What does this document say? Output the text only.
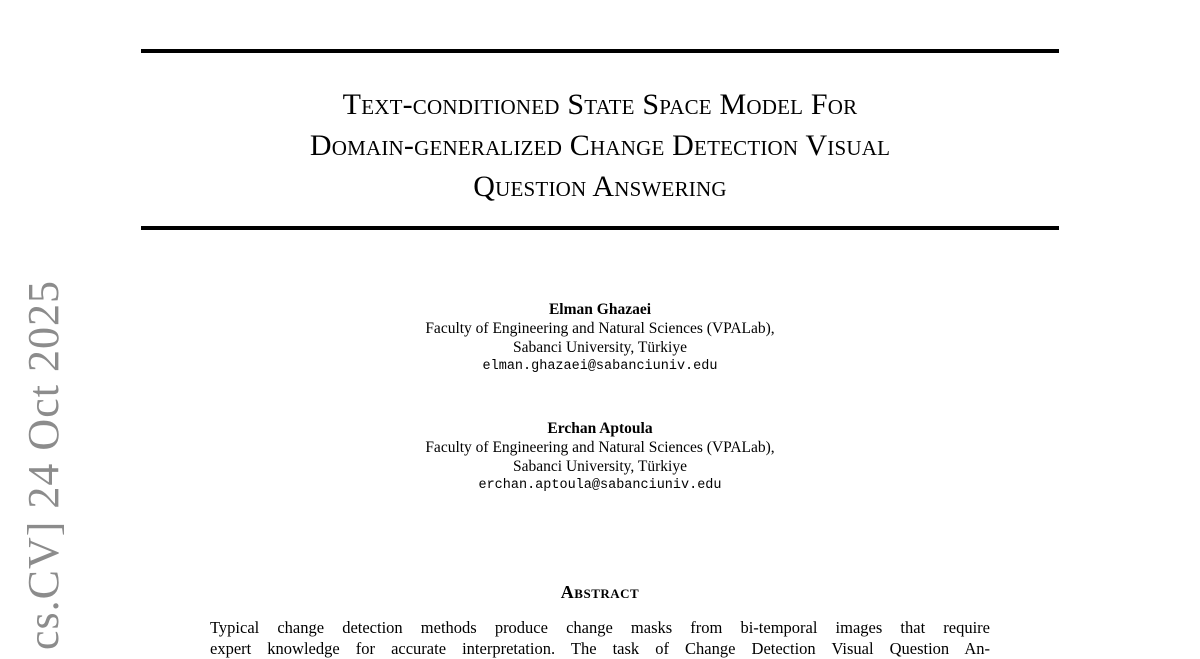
Text-conditioned State Space Model For
Domain-generalized Change Detection Visual
Question Answering
Elman Ghazaei
Faculty of Engineering and Natural Sciences (VPALab),
Sabanci University, Türkiye
elman.ghazaei@sabanciuniv.edu
Erchan Aptoula
Faculty of Engineering and Natural Sciences (VPALab),
Sabanci University, Türkiye
erchan.aptoula@sabanciuniv.edu
Abstract

Typical change detection methods produce change masks from bi-temporal images that require
expert knowledge for accurate interpretation. The task of Change Detection Visual Question An-

cs.CV] 24 Oct 2025
